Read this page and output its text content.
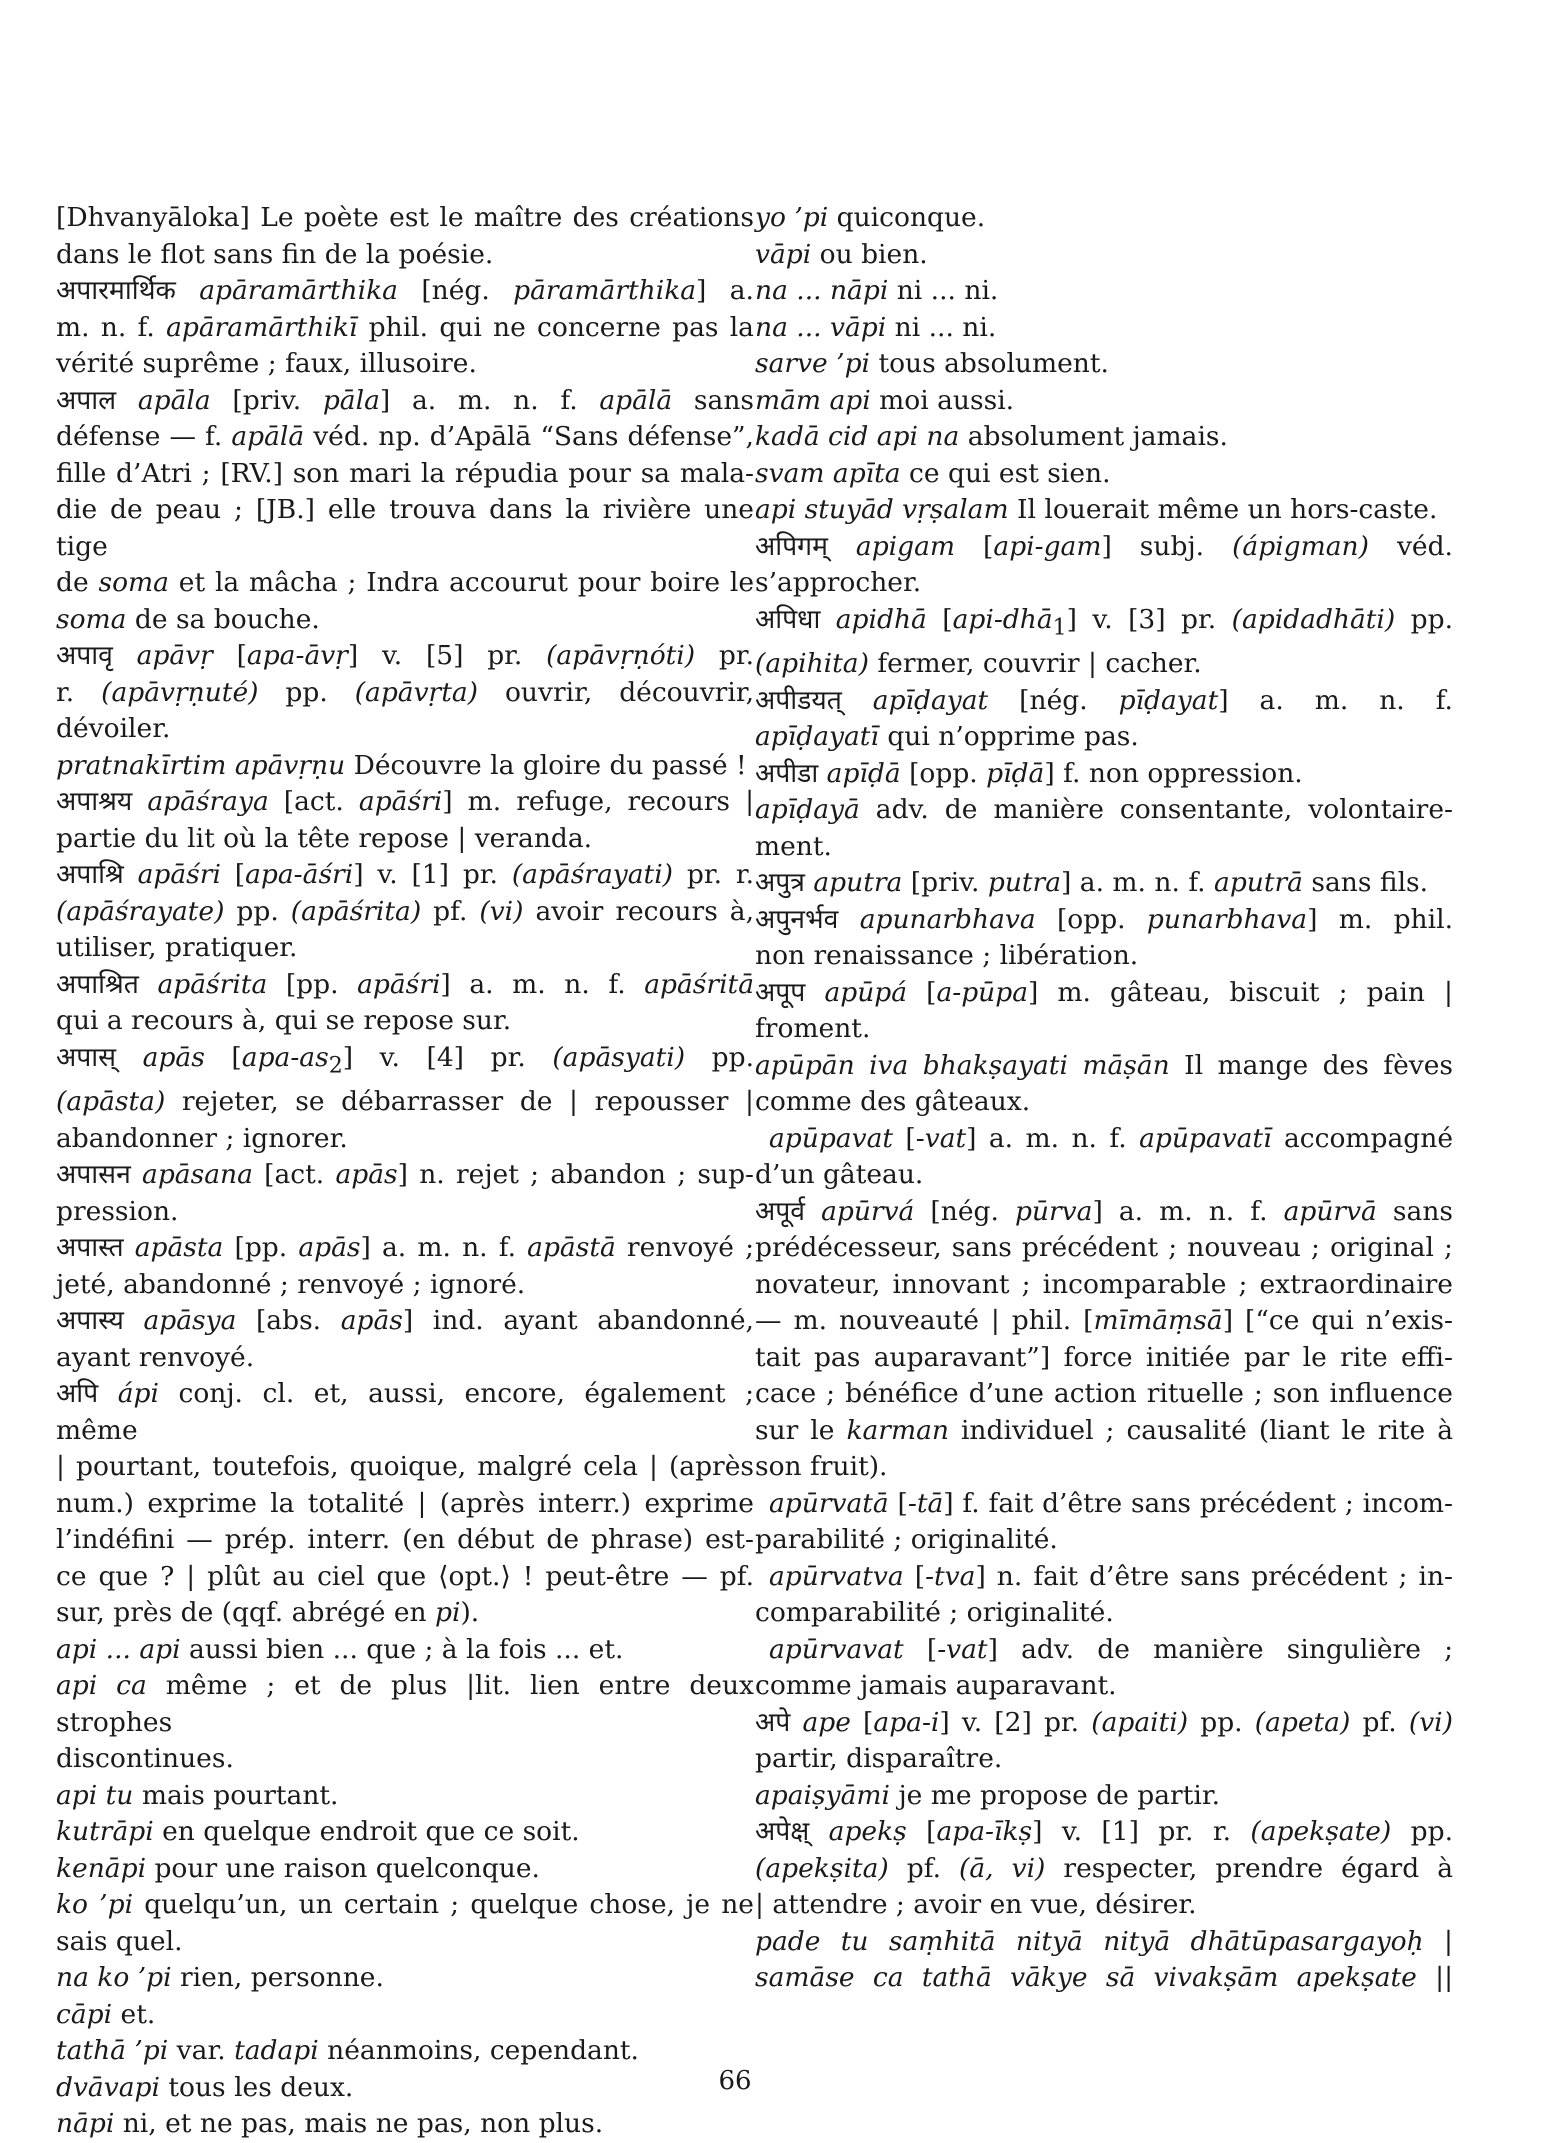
[Dhvanyāloka] Le poète est le maître des créations
dans le flot sans fin de la poésie.
अपारमार्थिक apāramārthika [nég. pāramārthika] a.
m. n. f. apāramārthikī phil. qui ne concerne pas la
vérité suprême ; faux, illusoire.
अपाल apāla [priv. pāla] a. m. n. f. apālā sans
défense — f. apālā véd. np. d’Apālā “Sans défense”,
fille d’Atri ; [RV.] son mari la répudia pour sa mala-
die de peau ; [JB.] elle trouva dans la rivière une tige
de soma et la mâcha ; Indra accourut pour boire le
soma de sa bouche.
अपावृ apāvṛ [apa-āvṛ] v. [5] pr. (apāvṛṇóti) pr.
r. (apāvṛṇuté) pp. (apāvṛta) ouvrir, découvrir,
dévoiler.
pratnakīrtim apāvṛṇu Découvre la gloire du passé !
अपाश्रय apāśraya [act. apāśri] m. refuge, recours |
partie du lit où la tête repose | veranda.
अपाश्रि apāśri [apa-āśri] v. [1] pr. (apāśrayati) pr. r.
(apāśrayate) pp. (apāśrita) pf. (vi) avoir recours à,
utiliser, pratiquer.
अपाश्रित apāśrita [pp. apāśri] a. m. n. f. apāśritā
qui a recours à, qui se repose sur.
अपास् apās $[apa-as_2]$ v. [4] pr. (apāsyati) pp.
(apāsta) rejeter, se débarrasser de | repousser |
abandonner ; ignorer.
अपासन apāsana [act. apās] n. rejet ; abandon ; sup-
pression.
अपास्त apāsta [pp. apās] a. m. n. f. apāstā renvoyé ;
jeté, abandonné ; renvoyé ; ignoré.
अपास्य apāsya [abs. apās] ind. ayant abandonné,
ayant renvoyé.
अपि ápi conj. cl. et, aussi, encore, également ; même
| pourtant, toutefois, quoique, malgré cela | (après
num.) exprime la totalité | (après interr.) exprime
l’indéfini — prép. interr. (en début de phrase) est-
ce que ? | plût au ciel que ⟨opt.⟩ ! peut-être — pf.
sur, près de (qqf. abrégé en pi).
api ... api aussi bien ... que ; à la fois ... et.
api ca même ; et de plus |lit. lien entre deux strophes
discontinues.
api tu mais pourtant.
kutrāpi en quelque endroit que ce soit.
kenāpi pour une raison quelconque.
ko ’pi quelqu’un, un certain ; quelque chose, je ne
sais quel.
na ko ’pi rien, personne.
cāpi et.
tathā ’pi var. tadapi néanmoins, cependant.
dvāvapi tous les deux.
nāpi ni, et ne pas, mais ne pas, non plus.
yo ’pi quiconque.
vāpi ou bien.
na ... nāpi ni ... ni.
na ... vāpi ni ... ni.
sarve ’pi tous absolument.
mām api moi aussi.
kadā cid api na absolument jamais.
svam apīta ce qui est sien.
api stuyād vṛṣalam Il louerait même un hors-caste.
अपिगम् apigam [api-gam] subj. (ápigman) véd.
s’approcher.
अपिधा apidhā [api-dhā$_1$] v. [3] pr. (apidadhāti) pp.
(apihita) fermer, couvrir | cacher.
अपीडयत् apīḍayat [nég. pīḍayat] a. m. n. f.
apīḍayatī qui n’opprime pas.
अपीडा apīḍā [opp. pīḍā] f. non oppression.
apīḍayā adv. de manière consentante, volontaire-
ment.
अपुत्र aputra [priv. putra] a. m. n. f. aputrā sans fils.
अपुनर्भव apunarbhava [opp. punarbhava] m. phil.
non renaissance ; libération.
अपूप apūpá [a-pūpa] m. gâteau, biscuit ; pain |
froment.
apūpān iva bhakṣayati māṣān Il mange des fèves
comme des gâteaux.
apūpavat [-vat] a. m. n. f. apūpavatī accompagné
d’un gâteau.
अपूर्व apūrvá [nég. pūrva] a. m. n. f. apūrvā sans
prédécesseur, sans précédent ; nouveau ; original ;
novateur, innovant ; incomparable ; extraordinaire
— m. nouveauté | phil. [mīmāṃsā] [“ce qui n’exis-
tait pas auparavant”] force initiée par le rite effi-
cace ; bénéfice d’une action rituelle ; son influence
sur le karman individuel ; causalité (liant le rite à
son fruit).
apūrvatā [-tā] f. fait d’être sans précédent ; incom-
parabilité ; originalité.
apūrvatva [-tva] n. fait d’être sans précédent ; in-
comparabilité ; originalité.
apūrvavat [-vat] adv. de manière singulière ;
comme jamais auparavant.
अपे ape [apa-i] v. [2] pr. (apaiti) pp. (apeta) pf. (vi)
partir, disparaître.
apaiṣyāmi je me propose de partir.
अपेक्ष् apekṣ [apa-īkṣ] v. [1] pr. r. (apekṣate) pp.
(apekṣita) pf. (ā, vi) respecter, prendre égard à
| attendre ; avoir en vue, désirer.
pade tu saṃhitā nityā nityā dhātūpasargayoḥ |
samāse ca tathā vākye sā vivakṣām apekṣate ||
66
